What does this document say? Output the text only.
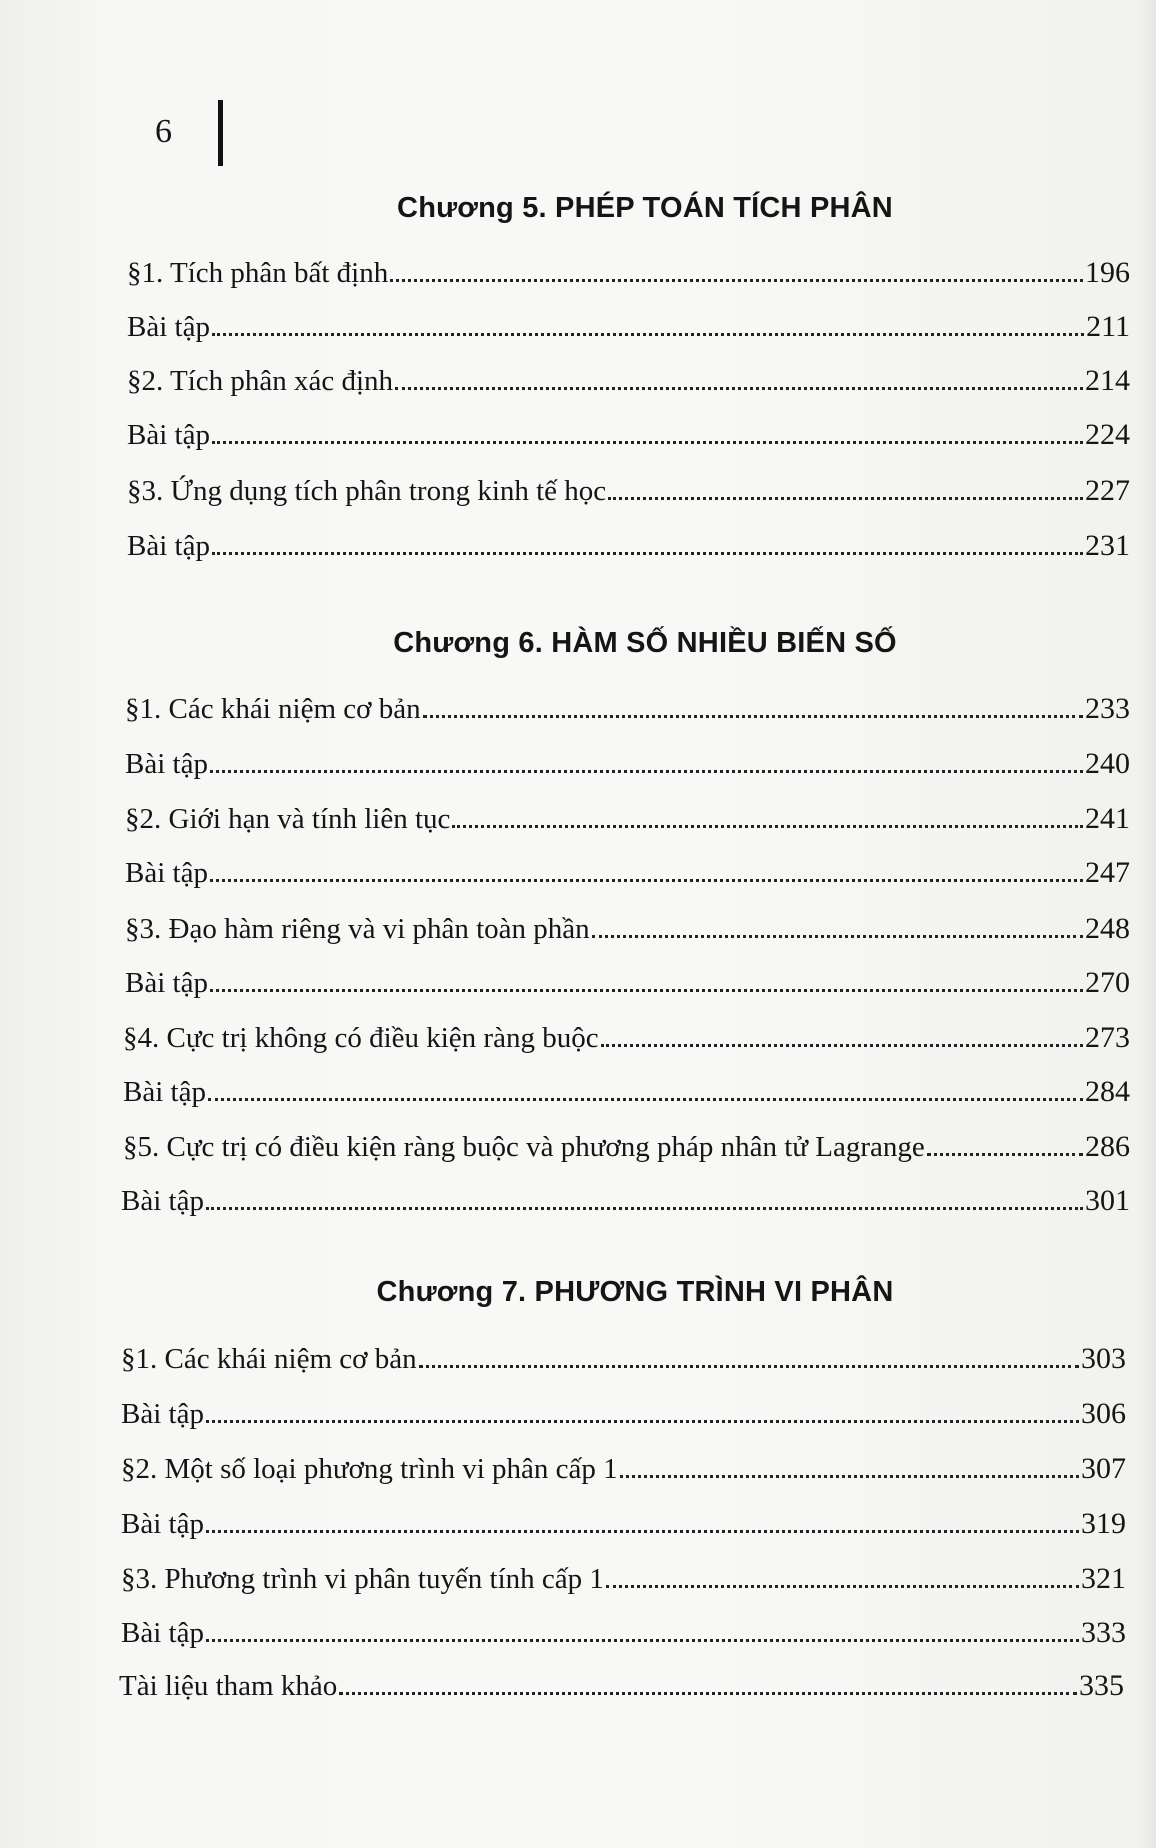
6
Chương 5. PHÉP TOÁN TÍCH PHÂN
§1. Tích phân bất định	196
Bài tập	211
§2. Tích phân xác định	214
Bài tập	224
§3. Ứng dụng tích phân trong kinh tế học	227
Bài tập	231
Chương 6. HÀM SỐ NHIỀU BIẾN SỐ
§1. Các khái niệm cơ bản	233
Bài tập	240
§2. Giới hạn và tính liên tục	241
Bài tập	247
§3. Đạo hàm riêng và vi phân toàn phần	248
Bài tập	270
§4. Cực trị không có điều kiện ràng buộc	273
Bài tập	284
§5. Cực trị có điều kiện ràng buộc và phương pháp nhân tử Lagrange	286
Bài tập	301
Chương 7. PHƯƠNG TRÌNH VI PHÂN
§1. Các khái niệm cơ bản	303
Bài tập	306
§2. Một số loại phương trình vi phân cấp 1	307
Bài tập	319
§3. Phương trình vi phân tuyến tính cấp 1	321
Bài tập	333
Tài liệu tham khảo	335
